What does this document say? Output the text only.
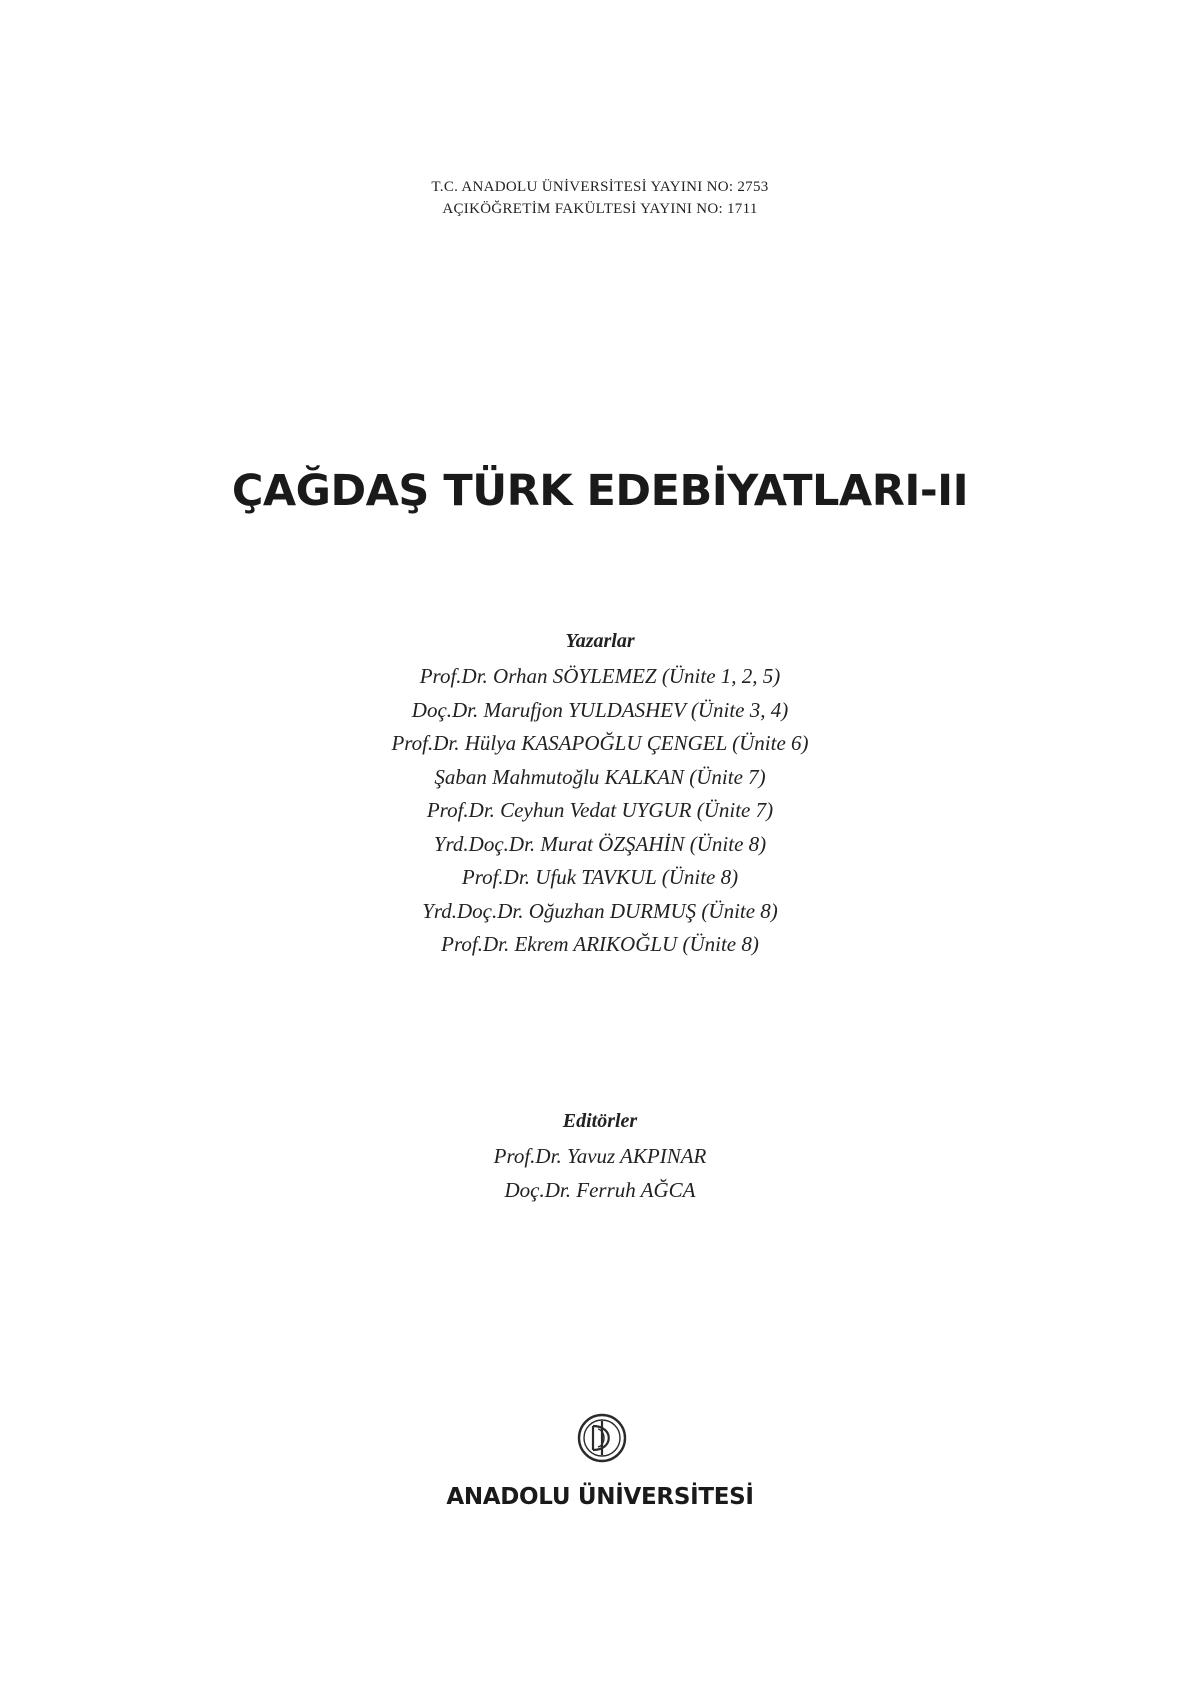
T.C. ANADOLU ÜNİVERSİTESİ YAYINI NO: 2753
AÇIKÖĞRETİM FAKÜLTESİ YAYINI NO: 1711
ÇAĞDAŞ TÜRK EDEBİYATLARI-II
Yazarlar
Prof.Dr. Orhan SÖYLEMEZ (Ünite 1, 2, 5)
Doç.Dr. Marufjon YULDASHEV (Ünite 3, 4)
Prof.Dr. Hülya KASAPOĞLU ÇENGEL (Ünite 6)
Şaban Mahmutoğlu KALKAN (Ünite 7)
Prof.Dr. Ceyhun Vedat UYGUR (Ünite 7)
Yrd.Doç.Dr. Murat ÖZŞAHİN (Ünite 8)
Prof.Dr. Ufuk TAVKUL (Ünite 8)
Yrd.Doç.Dr. Oğuzhan DURMUŞ (Ünite 8)
Prof.Dr. Ekrem ARIKOĞLU (Ünite 8)
Editörler
Prof.Dr. Yavuz AKPINAR
Doç.Dr. Ferruh AĞCA
ANADOLU ÜNİVERSİTESİ
